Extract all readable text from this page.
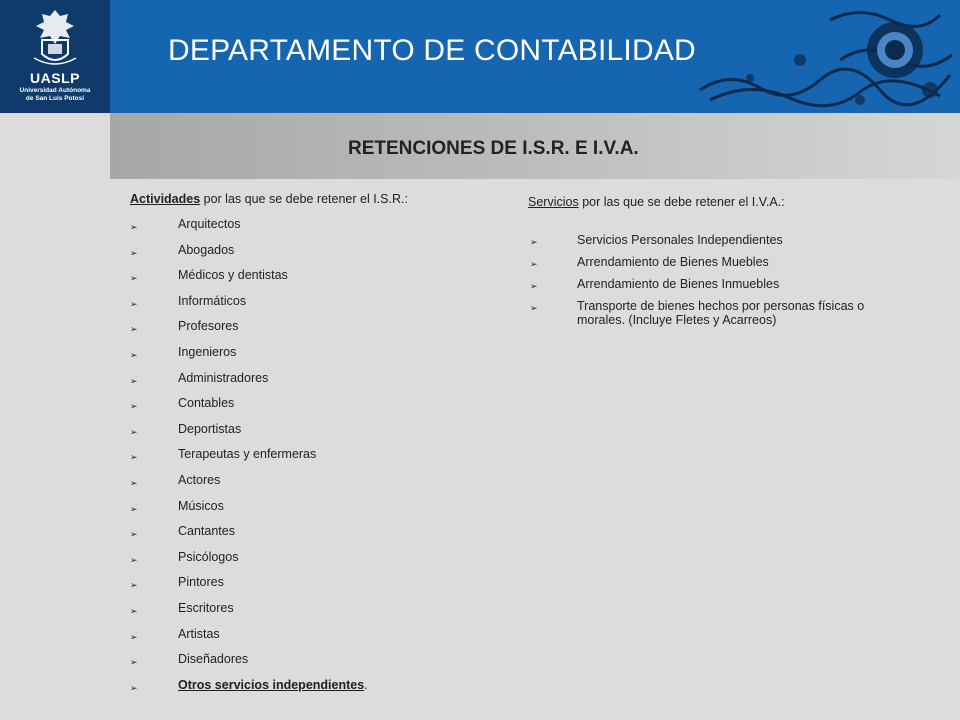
UASLP
Universidad Autónoma
de San Luis Potosí
DEPARTAMENTO DE CONTABILIDAD
RETENCIONES DE I.S.R. E I.V.A.
Actividades por las que se debe retener el I.S.R.:
➢	Arquitectos
➢	Abogados
➢	Médicos y dentistas
➢	Informáticos
➢	Profesores
➢	Ingenieros
➢	Administradores
➢	Contables
➢	Deportistas
➢	Terapeutas y enfermeras
➢	Actores
➢	Músicos
➢	Cantantes
➢	Psicólogos
➢	Pintores
➢	Escritores
➢	Artistas
➢	Diseñadores
➢	Otros servicios independientes.
Servicios por las que se debe retener el I.V.A.:
➢	Servicios Personales Independientes
➢	Arrendamiento de Bienes Muebles
➢	Arrendamiento de Bienes Inmuebles
➢	Transporte de bienes hechos por personas físicas o morales. (Incluye Fletes y Acarreos)
